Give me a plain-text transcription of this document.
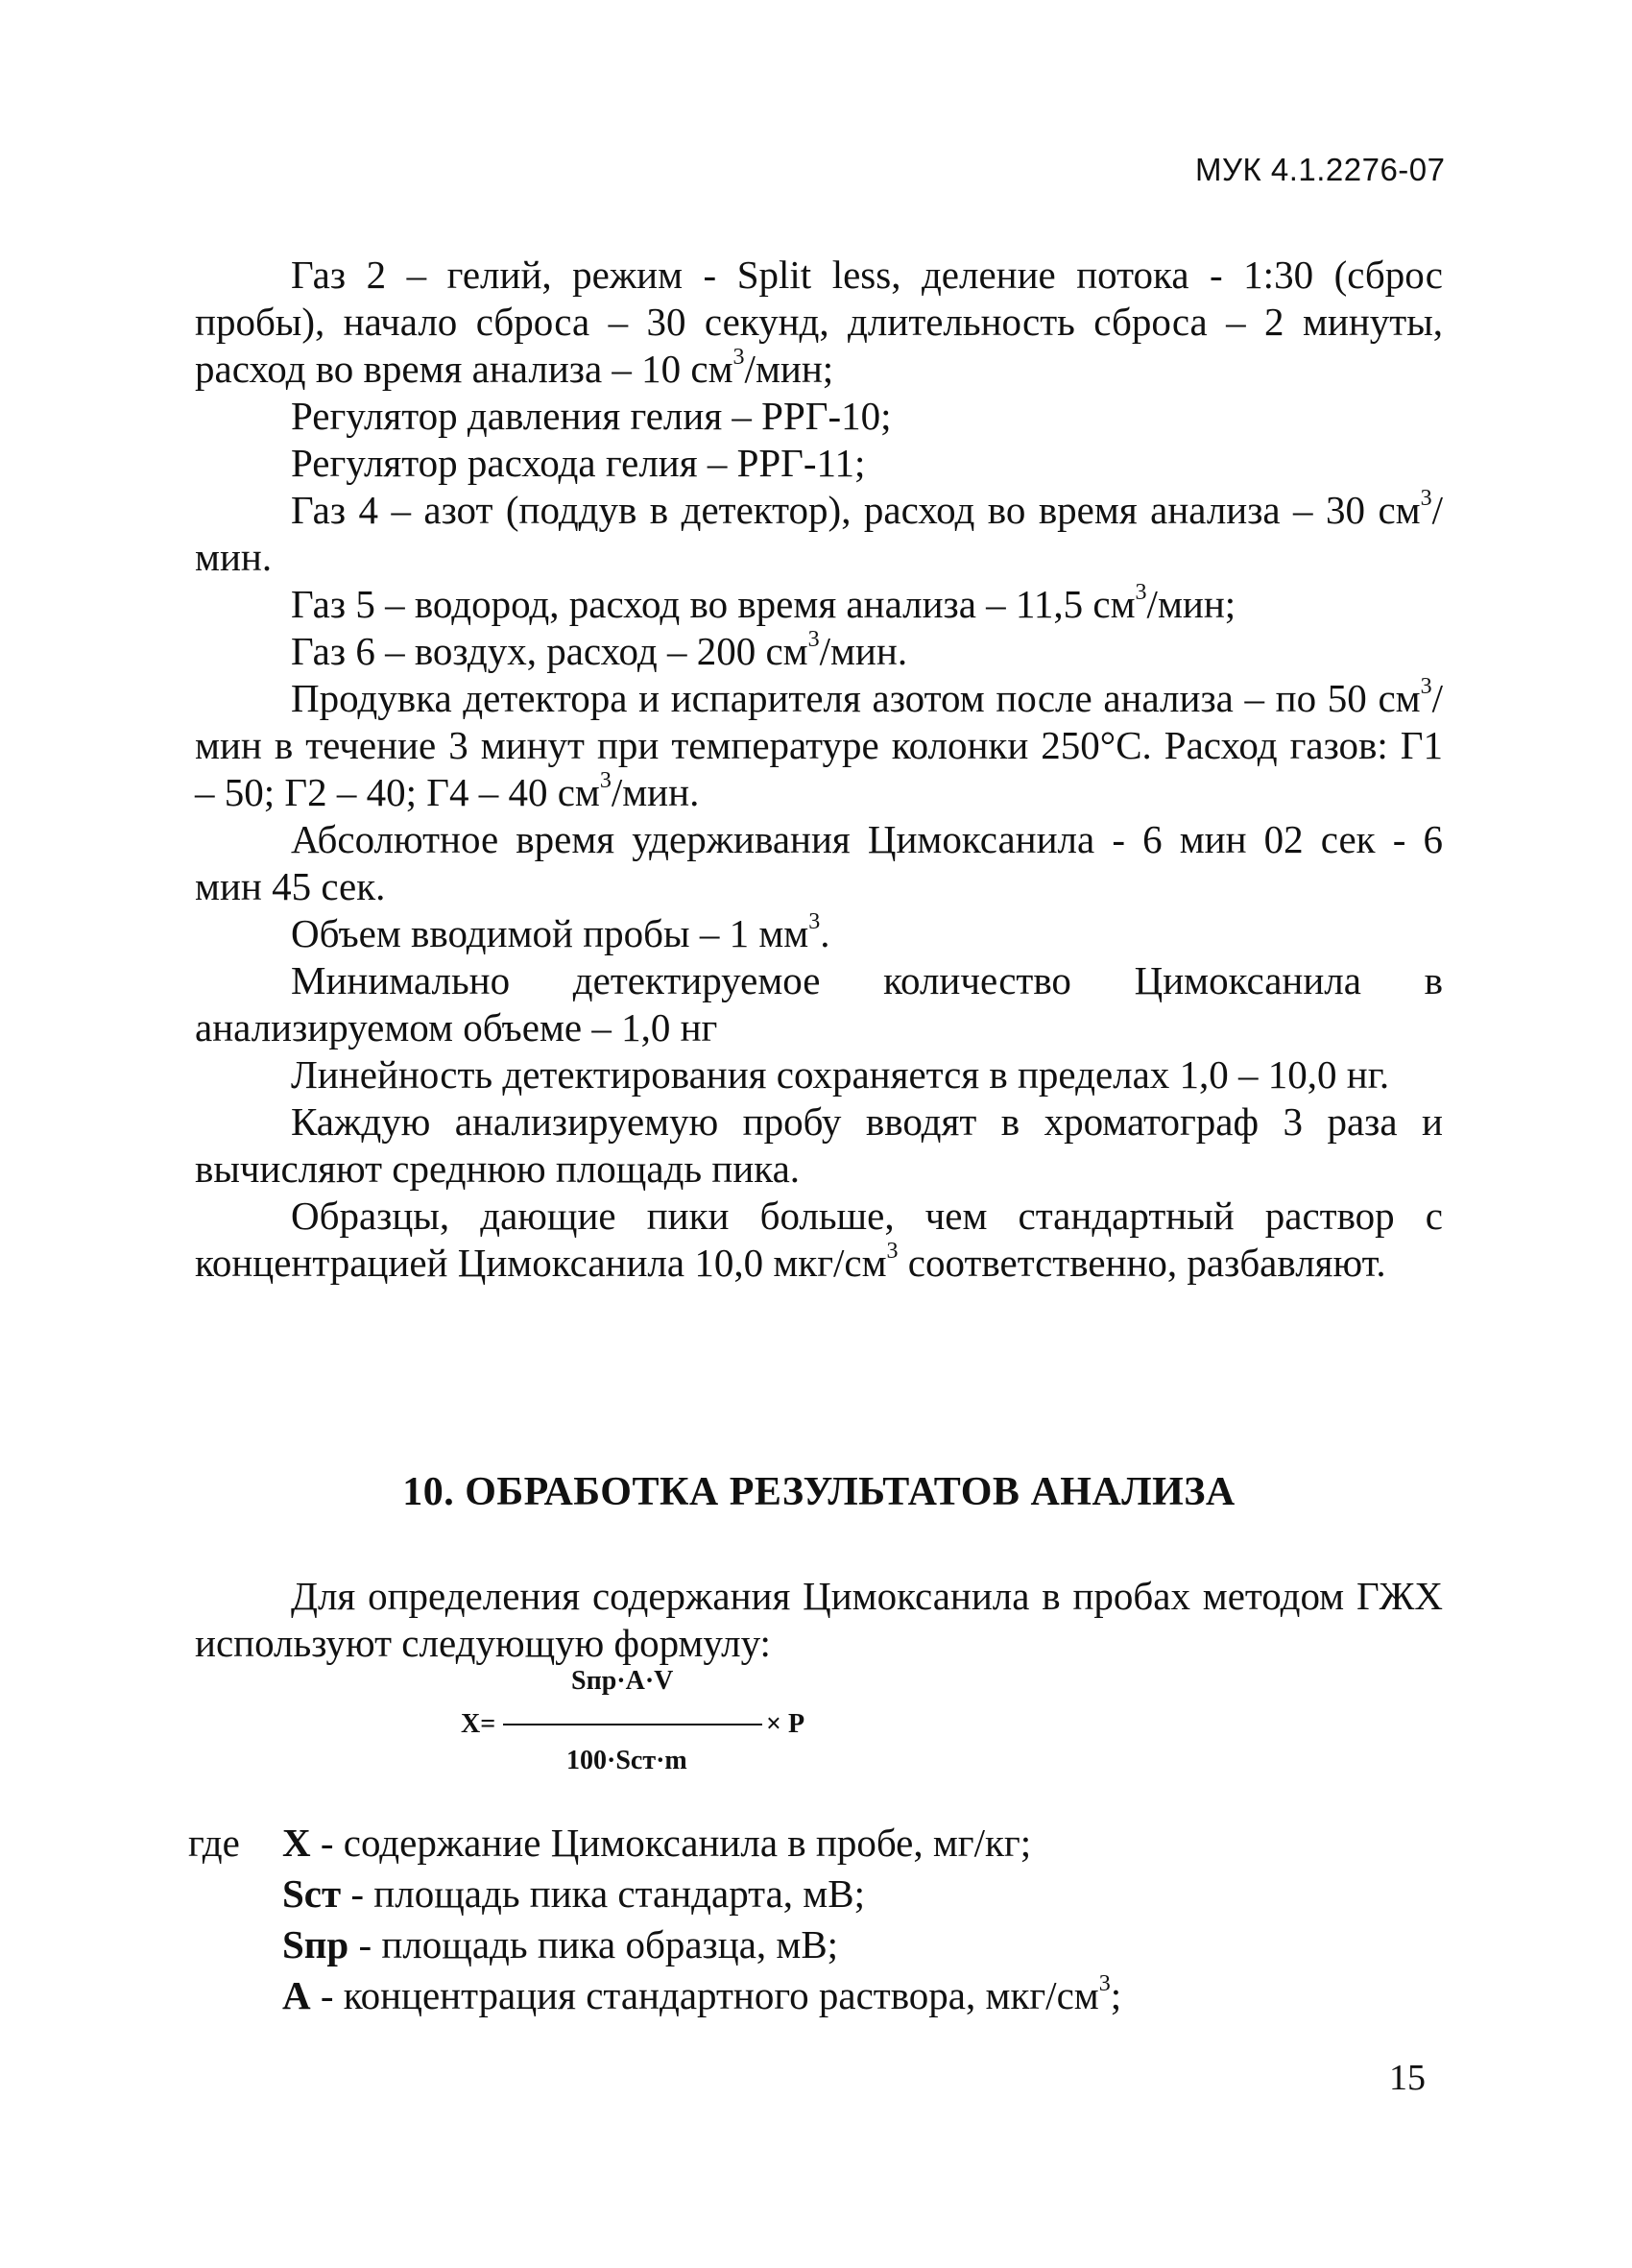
МУК 4.1.2276-07

Газ 2 – гелий, режим - Split less, деление потока - 1:30 (сброс пробы), начало сброса – 30 секунд, длительность сброса – 2 минуты, расход во время анализа – 10 $см^3$/мин;

Регулятор давления гелия – РРГ-10;

Регулятор расхода гелия – РРГ-11;

Газ 4 – азот (поддув в детектор), расход во время анализа – 30 $см^3$/мин.

Газ 5 – водород, расход во время анализа – 11,5 $см^3$/мин;

Газ 6 – воздух, расход – 200 $см^3$/мин.

Продувка детектора и испарителя азотом после анализа – по 50 $см^3$/мин в течение 3 минут при температуре колонки 250°С. Расход газов: Г1 – 50; Г2 – 40; Г4 – 40 $см^3$/мин.

Абсолютное время удерживания Цимоксанила - 6 мин 02 сек - 6 мин 45 сек.

Объем вводимой пробы – 1 $мм^3$.

Минимально детектируемое количество Цимоксанила в анализируемом объеме – 1,0 нг

Линейность детектирования сохраняется в пределах 1,0 – 10,0 нг.

Каждую анализируемую пробу вводят в хроматограф 3 раза и вычисляют среднюю площадь пика.

Образцы, дающие пики больше, чем стандартный раствор с концентрацией Цимоксанила 10,0 мкг/$см^3$ соответственно, разбавляют.

10. ОБРАБОТКА РЕЗУЛЬТАТОВ АНАЛИЗА

Для определения содержания Цимоксанила в пробах методом ГЖХ используют следующую формулу:

Sпр·A·V
X=	× P
100·Sст·m
где X - содержание Цимоксанила в пробе, мг/кг;
Sст - площадь пика стандарта, мВ;
Sпр - площадь пика образца, мВ;
А - концентрация стандартного раствора, мкг/$см^3$;
15
